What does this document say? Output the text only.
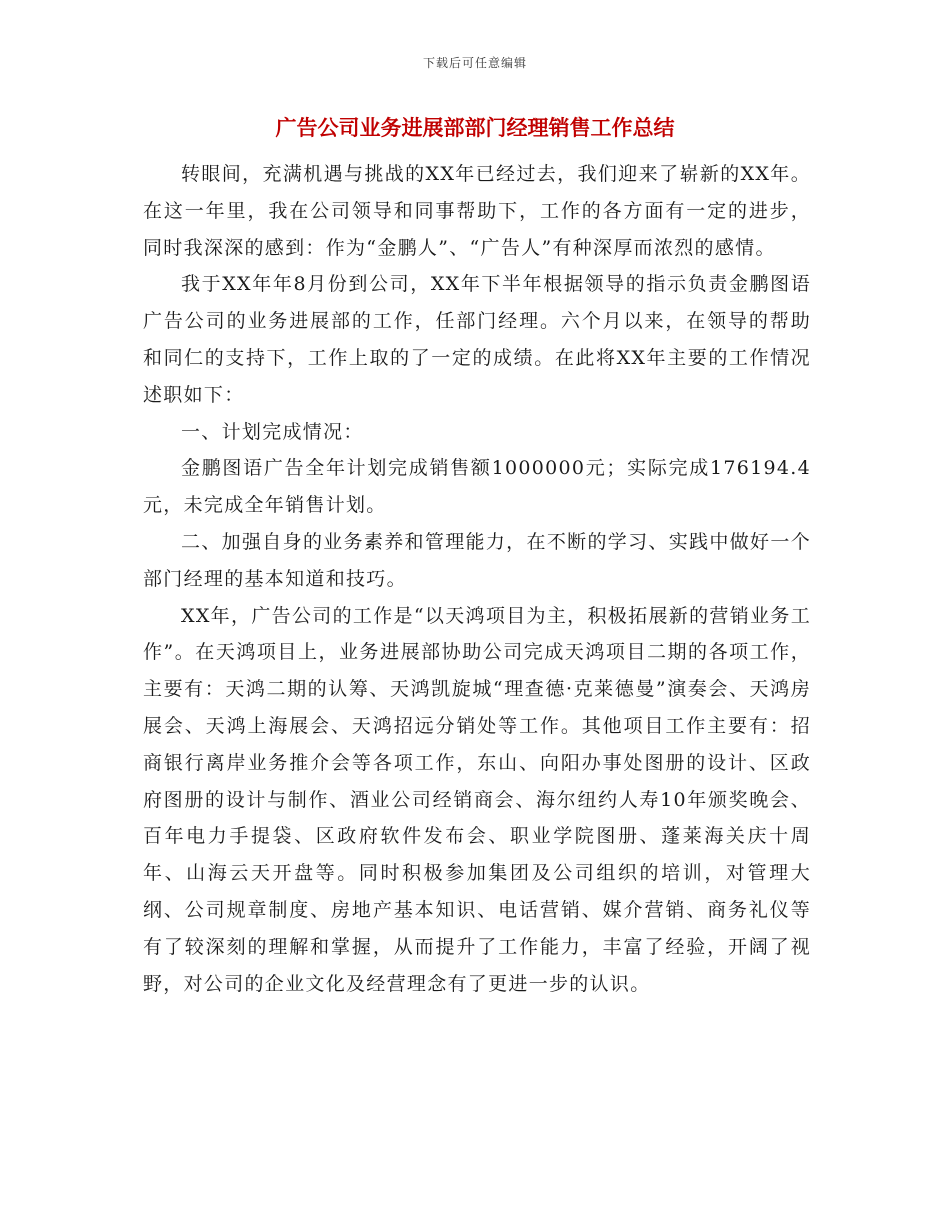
下载后可任意编辑
广告公司业务进展部部门经理销售工作总结

转眼间，充满机遇与挑战的XX年已经过去，我们迎来了崭新的XX年。在这一年里，我在公司领导和同事帮助下，工作的各方面有一定的进步，同时我深深的感到：作为“金鹏人”、“广告人”有种深厚而浓烈的感情。

我于XX年年8月份到公司，XX年下半年根据领导的指示负责金鹏图语广告公司的业务进展部的工作，任部门经理。六个月以来，在领导的帮助和同仁的支持下，工作上取的了一定的成绩。在此将XX年主要的工作情况述职如下：

一、计划完成情况：

金鹏图语广告全年计划完成销售额1000000元；实际完成176194.4元，未完成全年销售计划。

二、加强自身的业务素养和管理能力，在不断的学习、实践中做好一个部门经理的基本知道和技巧。

XX年，广告公司的工作是“以天鸿项目为主，积极拓展新的营销业务工作”。在天鸿项目上，业务进展部协助公司完成天鸿项目二期的各项工作，主要有：天鸿二期的认筹、天鸿凯旋城“理查德·克莱德曼”演奏会、天鸿房展会、天鸿上海展会、天鸿招远分销处等工作。其他项目工作主要有：招商银行离岸业务推介会等各项工作，东山、向阳办事处图册的设计、区政府图册的设计与制作、酒业公司经销商会、海尔纽约人寿10年颁奖晚会、百年电力手提袋、区政府软件发布会、职业学院图册、蓬莱海关庆十周年、山海云天开盘等。同时积极参加集团及公司组织的培训，对管理大纲、公司规章制度、房地产基本知识、电话营销、媒介营销、商务礼仪等有了较深刻的理解和掌握，从而提升了工作能力，丰富了经验，开阔了视野，对公司的企业文化及经营理念有了更进一步的认识。
